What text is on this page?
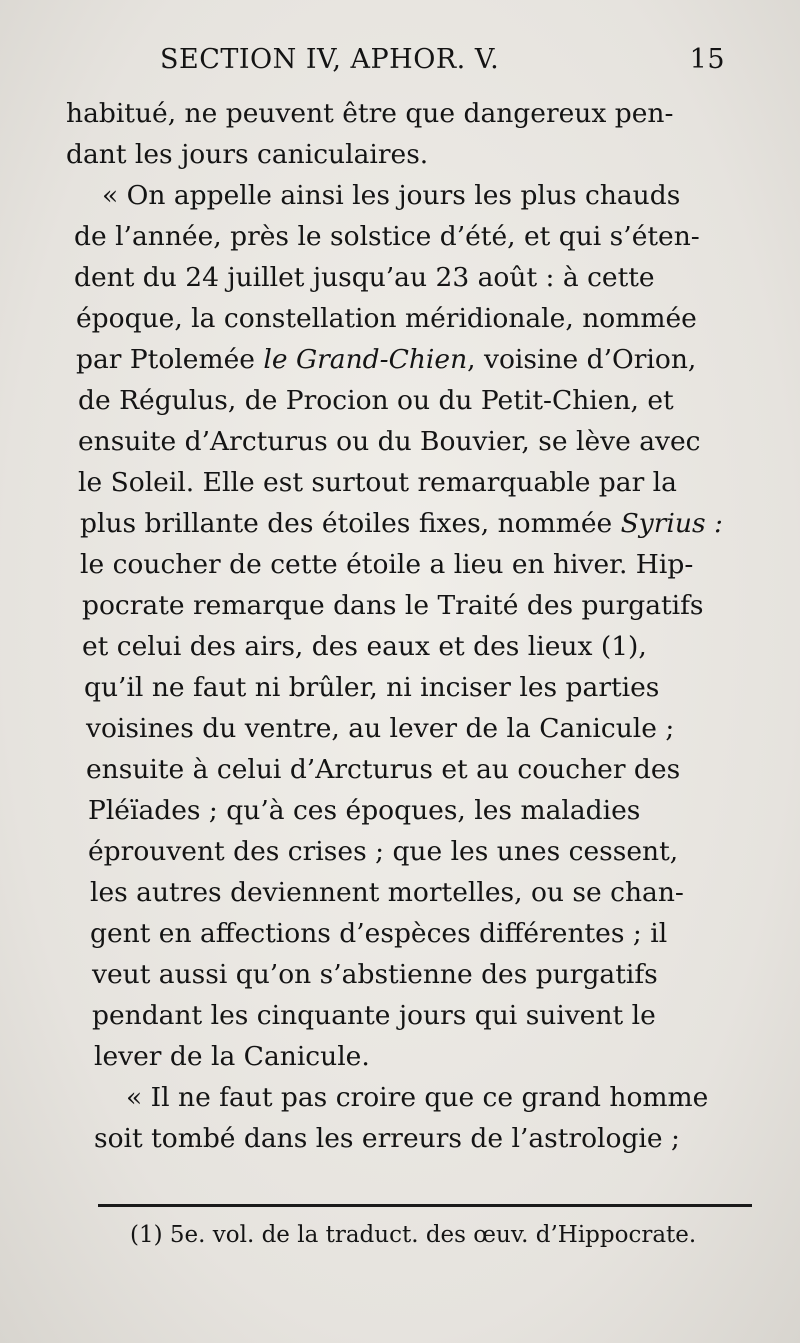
SECTION IV, APHOR. V.	15
habitué, ne peuvent être que dangereux pen-
dant les jours caniculaires.
« On appelle ainsi les jours les plus chauds
de l’année, près le solstice d’été, et qui s’éten-
dent du 24 juillet jusqu’au 23 août : à cette
époque, la constellation méridionale, nommée
par Ptolemée le Grand-Chien, voisine d’Orion,
de Régulus, de Procion ou du Petit-Chien, et
ensuite d’Arcturus ou du Bouvier, se lève avec
le Soleil. Elle est surtout remarquable par la
plus brillante des étoiles fixes, nommée Syrius :
le coucher de cette étoile a lieu en hiver. Hip-
pocrate remarque dans le Traité des purgatifs
et celui des airs, des eaux et des lieux (1),
qu’il ne faut ni brûler, ni inciser les parties
voisines du ventre, au lever de la Canicule ;
ensuite à celui d’Arcturus et au coucher des
Pléïades ; qu’à ces époques, les maladies
éprouvent des crises ; que les unes cessent,
les autres deviennent mortelles, ou se chan-
gent en affections d’espèces différentes ; il
veut aussi qu’on s’abstienne des purgatifs
pendant les cinquante jours qui suivent le
lever de la Canicule.
« Il ne faut pas croire que ce grand homme
soit tombé dans les erreurs de l’astrologie ;
(1) 5e. vol. de la traduct. des œuv. d’Hippocrate.
